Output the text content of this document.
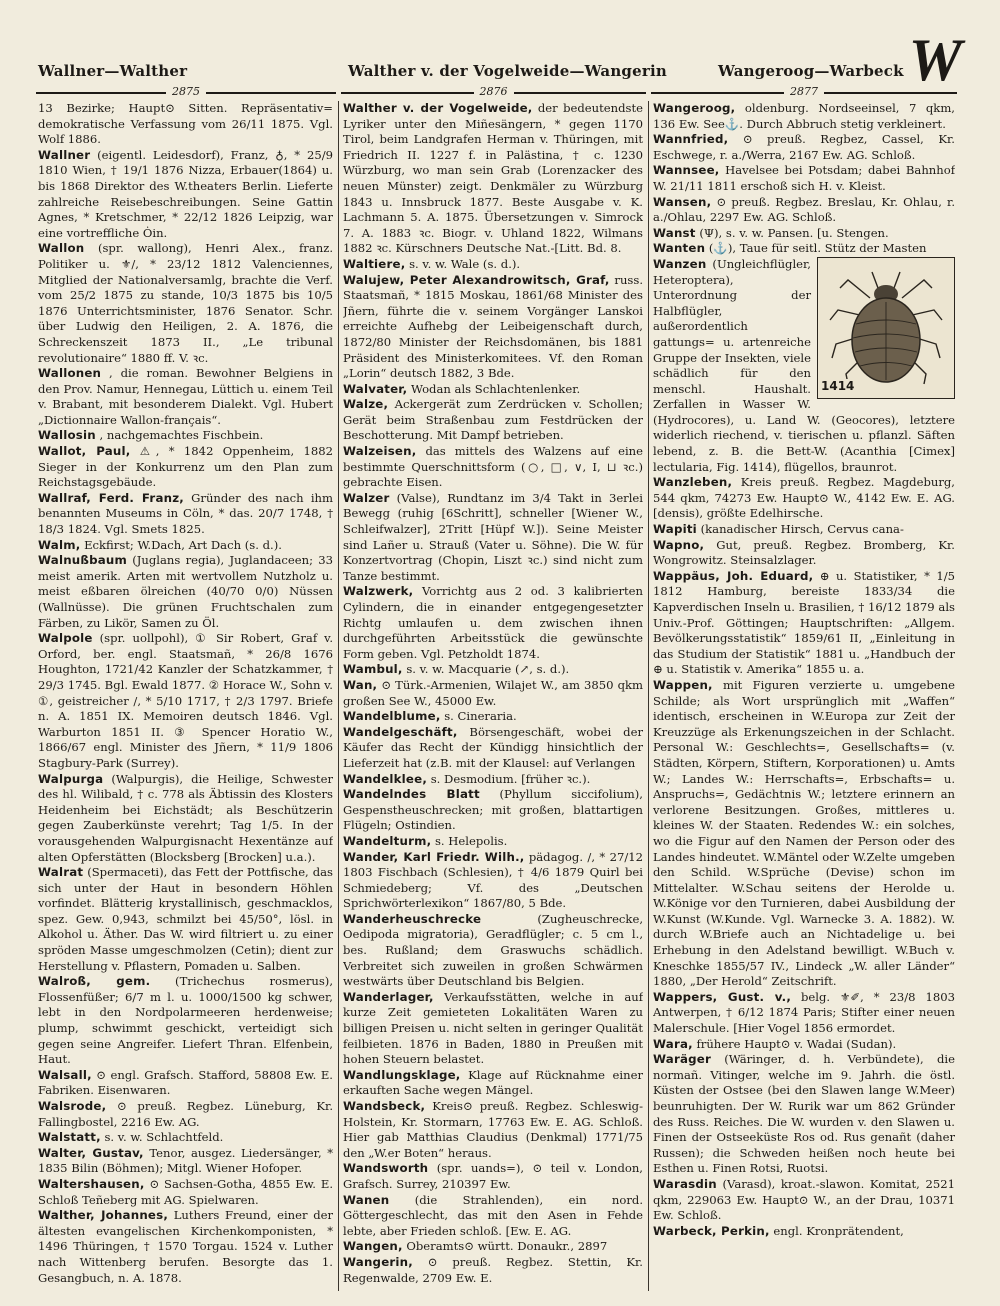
Wallner—Walther	Walther v. der Vogelweide—Wangerin	Wangeroog—Warbeck W
2875	2876	2877

13 Bezirke; Haupt⊙ Sitten. Repräsentativ= demokratische Verfassung vom 26/11 1875. Vgl. Wolf 1886.

Wallner (eigentl. Leidesdorf), Franz, ♁, * 25/9 1810 Wien, † 19/1 1876 Nizza, Erbauer(1864) u. bis 1868 Direktor des W.theaters Berlin. Lieferte zahlreiche Reisebeschreibungen. Seine Gattin Agnes, * Kretschmer, * 22/12 1826 Leipzig, war eine vortreffliche Ȯin.

Wallon (spr. wallong), Henri Alex., franz. Politiker u. ⚜/, * 23/12 1812 Valenciennes, Mitglied der Nationalversamlg, brachte die Verf. vom 25/2 1875 zu stande, 10/3 1875 bis 10/5 1876 Unterrichtsminister, 1876 Senator. Schr. über Ludwig den Heiligen, 2. A. 1876, die Schreckenszeit 1873 II., „Le tribunal revolutionaire“ 1880 ff. V. ꝛc.

Wallonen , die roman. Bewohner Belgiens in den Prov. Namur, Hennegau, Lüttich u. einem Teil v. Brabant, mit besonderem Dialekt. Vgl. Hubert „Dictionnaire Wallon-français“.

Wallosin , nachgemachtes Fischbein.

Wallot, Paul, ⚠, * 1842 Oppenheim, 1882 Sieger in der Konkurrenz um den Plan zum Reichstagsgebäude.

Wallraf, Ferd. Franz, Gründer des nach ihm benannten Museums in Cöln, * das. 20/7 1748, † 18/3 1824. Vgl. Smets 1825.

Walm, Eckfirst; W.Dach, Art Dach (s. d.).

Walnußbaum (Juglans regia), Juglandaceen; 33 meist amerik. Arten mit wertvollem Nutzholz u. meist eßbaren ölreichen (40/70 0/0) Nüssen (Wallnüsse). Die grünen Fruchtschalen zum Färben, zu Likör, Samen zu Öl.

Walpole (spr. uollpohl), ① Sir Robert, Graf v. Orford, ber. engl. Staatsmañ, * 26/8 1676 Houghton, 1721/42 Kanzler der Schatzkammer, † 29/3 1745. Bgl. Ewald 1877. ② Horace W., Sohn v. ①, geistreicher /, * 5/10 1717, † 2/3 1797. Briefe n. A. 1851 IX. Memoiren deutsch 1846. Vgl. Warburton 1851 II. ③ Spencer Horatio W., 1866/67 engl. Minister des Jñern, * 11/9 1806 Stagbury-Park (Surrey).

Walpurga (Walpurgis), die Heilige, Schwester des hl. Wilibald, † c. 778 als Äbtissin des Klosters Heidenheim bei Eichstädt; als Beschützerin gegen Zauberkünste verehrt; Tag 1/5. In der vorausgehenden Walpurgisnacht Hexentänze auf alten Opferstätten (Blocksberg [Brocken] u.a.).

Walrat (Spermaceti), das Fett der Pottfische, das sich unter der Haut in besondern Höhlen vorfindet. Blätterig krystallinisch, geschmacklos, spez. Gew. 0,943, schmilzt bei 45/50°, lösl. in Alkohol u. Äther. Das W. wird filtriert u. zu einer spröden Masse umgeschmolzen (Cetin); dient zur Herstellung v. Pflastern, Pomaden u. Salben.

Walroß, gem. (Trichechus rosmerus), Flossenfüßer; 6/7 m l. u. 1000/1500 kg schwer, lebt in den Nordpolarmeeren herdenweise; plump, schwimmt geschickt, verteidigt sich gegen seine Angreifer. Liefert Thran. Elfenbein, Haut.

Walsall, ⊙ engl. Grafsch. Stafford, 58808 Ew. E. Fabriken. Eisenwaren.

Walsrode, ⊙ preuß. Regbez. Lüneburg, Kr. Fallingbostel, 2216 Ew. AG.

Walstatt, s. v. w. Schlachtfeld.

Walter, Gustav, Tenor, ausgez. Liedersänger, * 1835 Bilin (Böhmen); Mitgl. Wiener Hofoper.

Waltershausen, ⊙ Sachsen-Gotha, 4855 Ew. E. Schloß Teñeberg mit AG. Spielwaren.

Walther, Johannes, Luthers Freund, einer der ältesten evangelischen Kirchenkomponisten, * 1496 Thüringen, † 1570 Torgau. 1524 v. Luther nach Wittenberg berufen. Besorgte das 1. Gesangbuch, n. A. 1878.

Walther v. der Vogelweide, der bedeutendste Lyriker unter den Miñesängern, * gegen 1170 Tirol, beim Landgrafen Herman v. Thüringen, mit Friedrich II. 1227 f. in Palästina, † c. 1230 Würzburg, wo man sein Grab (Lorenzacker des neuen Münster) zeigt. Denkmäler zu Würzburg 1843 u. Innsbruck 1877. Beste Ausgabe v. K. Lachmann 5. A. 1875. Übersetzungen v. Simrock 7. A. 1883 ꝛc. Biogr. v. Uhland 1822, Wilmans 1882 ꝛc. Kürschners Deutsche Nat.-[Litt. Bd. 8.

Waltiere, s. v. w. Wale (s. d.).

Walujew, Peter Alexandrowitsch, Graf, russ. Staatsmañ, * 1815 Moskau, 1861/68 Minister des Jñern, führte die v. seinem Vorgänger Lanskoi erreichte Aufhebg der Leibeigenschaft durch, 1872/80 Minister der Reichsdomänen, bis 1881 Präsident des Ministerkomitees. Vf. den Roman „Lorin“ deutsch 1882, 3 Bde.

Walvater, Wodan als Schlachtenlenker.

Walze, Ackergerät zum Zerdrücken v. Schollen; Gerät beim Straßenbau zum Festdrücken der Beschotterung. Mit Dampf betrieben.

Walzeisen, das mittels des Walzens auf eine bestimmte Querschnittsform (○, □, ∨, I, ⊔ ꝛc.) gebrachte Eisen.

Walzer (Valse), Rundtanz im 3/4 Takt in 3erlei Bewegg (ruhig [6Schritt], schneller [Wiener W., Schleifwalzer], 2Tritt [Hüpf W.]). Seine Meister sind Lañer u. Strauß (Vater u. Söhne). Die W. für Konzertvortrag (Chopin, Liszt ꝛc.) sind nicht zum Tanze bestimmt.

Walzwerk, Vorrichtg aus 2 od. 3 kalibrierten Cylindern, die in einander entgegengesetzter Richtg umlaufen u. dem zwischen ihnen durchgeführten Arbeitsstück die gewünschte Form geben. Vgl. Petzholdt 1874.

Wambul, s. v. w. Macquarie (↗, s. d.).

Wan, ⊙ Türk.-Armenien, Wilajet W., am 3850 qkm großen See W., 45000 Ew.

Wandelblume, s. Cineraria.

Wandelgeschäft, Börsengeschäft, wobei der Käufer das Recht der Kündigg hinsichtlich der Lieferzeit hat (z.B. mit der Klausel: auf Verlangen

Wandelklee, s. Desmodium. [früher ꝛc.).

Wandelndes Blatt (Phyllum siccifolium), Gespenstheuschrecken; mit großen, blattartigen Flügeln; Ostindien.

Wandelturm, s. Helepolis.

Wander, Karl Friedr. Wilh., pädagog. /, * 27/12 1803 Fischbach (Schlesien), † 4/6 1879 Quirl bei Schmiedeberg; Vf. des „Deutschen Sprichwörterlexikon“ 1867/80, 5 Bde.

Wanderheuschrecke	(Zugheuschrecke, Oedipoda migratoria), Geradflügler; c. 5 cm l., bes. Rußland; dem Graswuchs schädlich. Verbreitet sich zuweilen in großen Schwärmen westwärts über Deutschland bis Belgien.

Wanderlager, Verkaufsstätten, welche in auf kurze Zeit gemieteten Lokalitäten Waren zu billigen Preisen u. nicht selten in geringer Qualität feilbieten. 1876 in Baden, 1880 in Preußen mit hohen Steuern belastet.

Wandlungsklage, Klage auf Rücknahme einer erkauften Sache wegen Mängel.

Wandsbeck, Kreis⊙ preuß. Regbez. Schleswig-Holstein, Kr. Stormarn, 17763 Ew. E. AG. Schloß. Hier gab Matthias Claudius (Denkmal) 1771/75 den „W.er Boten“ heraus.

Wandsworth (spr. uands=), ⊙ teil v. London, Grafsch. Surrey, 210397 Ew.

Wanen (die Strahlenden), ein nord. Göttergeschlecht, das mit den Asen in Fehde lebte, aber Frieden schloß. [Ew. E. AG.

Wangen, Oberamts⊙ württ. Donaukr., 2897

Wangerin, ⊙ preuß. Regbez. Stettin, Kr. Regenwalde, 2709 Ew. E.

Wangeroog, oldenburg. Nordseeinsel, 7 qkm, 136 Ew. See⚓. Durch Abbruch stetig verkleinert.

Wannfried, ⊙ preuß. Regbez, Cassel, Kr. Eschwege, r. a./Werra, 2167 Ew. AG. Schloß.

Wannsee, Havelsee bei Potsdam; dabei Bahnhof W. 21/11 1811 erschoß sich H. v. Kleist.

Wansen, ⊙ preuß. Regbez. Breslau, Kr. Ohlau, r. a./Ohlau, 2297 Ew. AG. Schloß.

Wanst (Ψ), s. v. w. Pansen. [u. Stengen.

Wanten (⚓), Taue für seitl. Stütz der Masten

Wanzen
1414
(Ungleichflügler, Heteroptera), Unterordnung der Halbflügler, außerordentlich gattungs= u. artenreiche Gruppe der Insekten, viele schädlich für den menschl. Haushalt. Zerfallen in Wasser W. (Hydrocores), u. Land W. (Geocores), letztere widerlich riechend, v. tierischen u. pflanzl. Säften lebend, z. B. die Bett-W. (Acanthia [Cimex] lectularia, Fig. 1414), flügellos, braunrot.

Wanzleben, Kreis preuß. Regbez. Magdeburg, 544 qkm, 74273 Ew. Haupt⊙ W., 4142 Ew. E. AG. [densis), größte Edelhirsche.

Wapiti (kanadischer Hirsch, Cervus cana-

Wapno, Gut, preuß. Regbez. Bromberg, Kr. Wongrowitz. Steinsalzlager.

Wappäus, Joh. Eduard, ⊕ u. Statistiker, * 1/5 1812 Hamburg, bereiste 1833/34 die Kapverdischen Inseln u. Brasilien, † 16/12 1879 als Univ.-Prof. Göttingen; Hauptschriften: „Allgem. Bevölkerungsstatistik“ 1859/61 II, „Einleitung in das Studium der Statistik“ 1881 u. „Handbuch der ⊕ u. Statistik v. Amerika“ 1855 u. a.

Wappen, mit Figuren verzierte u. umgebene Schilde; als Wort ursprünglich mit „Waffen“ identisch, erscheinen in W.Europa zur Zeit der Kreuzzüge als Erkenungszeichen in der Schlacht. Personal W.: Geschlechts=, Gesellschafts= (v. Städten, Körpern, Stiftern, Korporationen) u. Amts W.; Landes W.: Herrschafts=, Erbschafts= u. Anspruchs=, Gedächtnis W.; letztere erinnern an verlorene Besitzungen. Großes, mittleres u. kleines W. der Staaten. Redendes W.: ein solches, wo die Figur auf den Namen der Person oder des Landes hindeutet. W.Mäntel oder W.Zelte umgeben den Schild. W.Sprüche (Devise) schon im Mittelalter. W.Schau seitens der Herolde u. W.Könige vor den Turnieren, dabei Ausbildung der W.Kunst (W.Kunde. Vgl. Warnecke 3. A. 1882). W. durch W.Briefe auch an Nichtadelige u. bei Erhebung in den Adelstand bewilligt. W.Buch v. Kneschke 1855/57 IV., Lindeck „W. aller Länder“ 1880, „Der Herold“ Zeitschrift.

Wappers, Gust. v., belg. ⚜✐, * 23/8 1803 Antwerpen, † 6/12 1874 Paris; Stifter einer neuen Malerschule. [Hier Vogel 1856 ermordet.

Wara, frühere Haupt⊙ v. Wadai (Sudan).

Waräger (Wäringer, d. h. Verbündete), die normañ. Vitinger, welche im 9. Jahrh. die östl. Küsten der Ostsee (bei den Slawen lange W.Meer) beunruhigten. Der W. Rurik war um 862 Gründer des Russ. Reiches. Die W. wurden v. den Slawen u. Finen der Ostseeküste Ros od. Rus genañt (daher Russen); die Schweden heißen noch heute bei Esthen u. Finen Rotsi, Ruotsi.

Warasdin (Varasd), kroat.-slawon. Komitat, 2521 qkm, 229063 Ew. Haupt⊙ W., an der Drau, 10371 Ew. Schloß.

Warbeck, Perkin, engl. Kronprätendent,
